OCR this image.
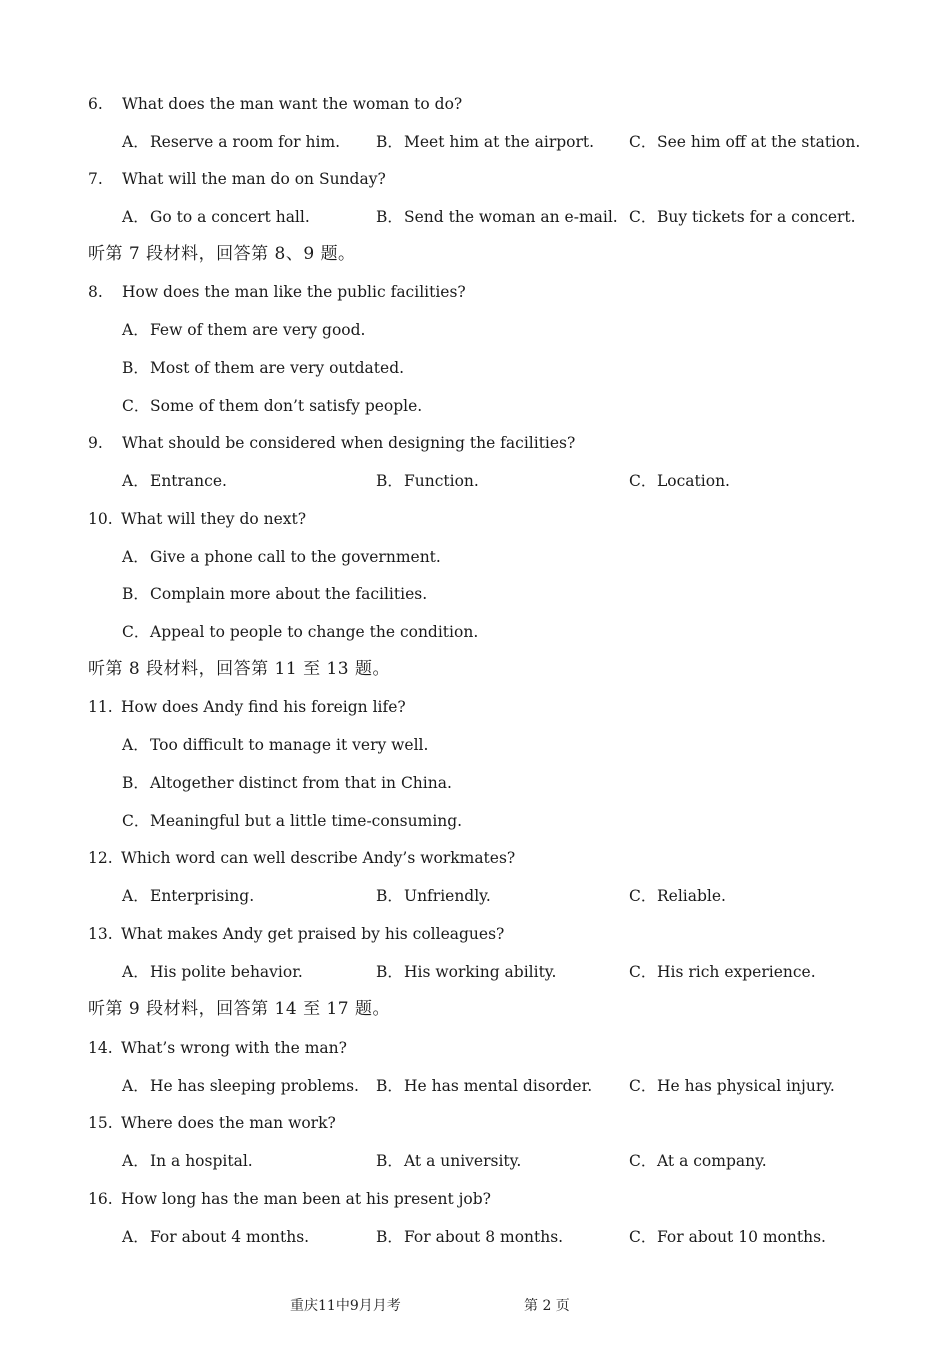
6. What does the man want the woman to do?
A．Reserve a room for him. B．Meet him at the airport. C．See him off at the station.
7. What will the man do on Sunday?
A．Go to a concert hall.	B．Send the woman an e-mail. C．Buy tickets for a concert.
听第 7 段材料，回答第 8、9 题。
8. How does the man like the public facilities?
A．Few of them are very good.
B．Most of them are very outdated.
C．Some of them don’t satisfy people.
9. What should be considered when designing the facilities?
A．Entrance.	B．Function.	C．Location.
10. What will they do next?
A．Give a phone call to the government.
B．Complain more about the facilities.
C．Appeal to people to change the condition.
听第 8 段材料，回答第 11 至 13 题。
11. How does Andy find his foreign life?
A．Too difficult to manage it very well.
B．Altogether distinct from that in China.
C．Meaningful but a little time-consuming.
12. Which word can well describe Andy’s workmates?
A．Enterprising.	B．Unfriendly.	C．Reliable.
13. What makes Andy get praised by his colleagues?
A．His polite behavior.	B．His working ability.	C．His rich experience.
听第 9 段材料，回答第 14 至 17 题。
14. What’s wrong with the man?
A．He has sleeping problems. B．He has mental disorder. C．He has physical injury.
15. Where does the man work?
A．In a hospital.	B．At a university.	C．At a company.
16. How long has the man been at his present job?
A．For about 4 months.	B．For about 8 months.	C．For about 10 months.
重庆11中9月月考	第 2 页
